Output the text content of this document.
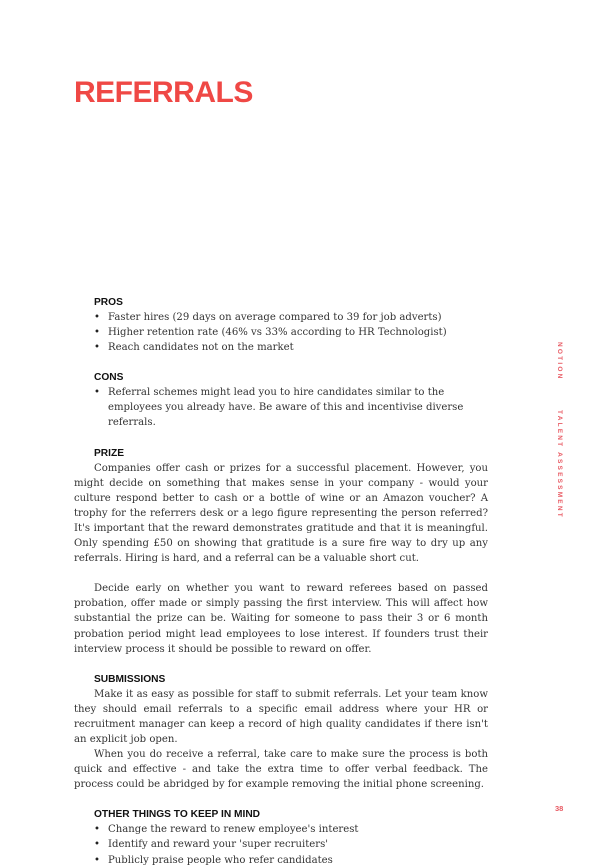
REFERRALS
PROS
• Faster hires (29 days on average compared to 39 for job adverts)
• Higher retention rate (46% vs 33% according to HR Technologist)
• Reach candidates not on the market
CONS
• Referral schemes might lead you to hire candidates similar to the employees you already have. Be aware of this and incentivise diverse referrals.
PRIZE

Companies offer cash or prizes for a successful placement. However, you might decide on something that makes sense in your company - would your culture respond better to cash or a bottle of wine or an Amazon voucher? A trophy for the referrers desk or a lego figure representing the person referred? It's important that the reward demonstrates gratitude and that it is meaningful. Only spending £50 on showing that gratitude is a sure fire way to dry up any referrals. Hiring is hard, and a referral can be a valuable short cut.

Decide early on whether you want to reward referees based on passed probation, offer made or simply passing the first interview. This will affect how substantial the prize can be. Waiting for someone to pass their 3 or 6 month probation period might lead employees to lose interest. If founders trust their interview process it should be possible to reward on offer.

SUBMISSIONS

Make it as easy as possible for staff to submit referrals. Let your team know they should email referrals to a specific email address where your HR or recruitment manager can keep a record of high quality candidates if there isn't an explicit job open.

When you do receive a referral, take care to make sure the process is both quick and effective - and take the extra time to offer verbal feedback. The process could be abridged by for example removing the initial phone screening.

OTHER THINGS TO KEEP IN MIND
• Change the reward to renew employee's interest
• Identify and reward your 'super recruiters'
• Publicly praise people who refer candidates
NOTION
TALENT ASSESSMENT
38
